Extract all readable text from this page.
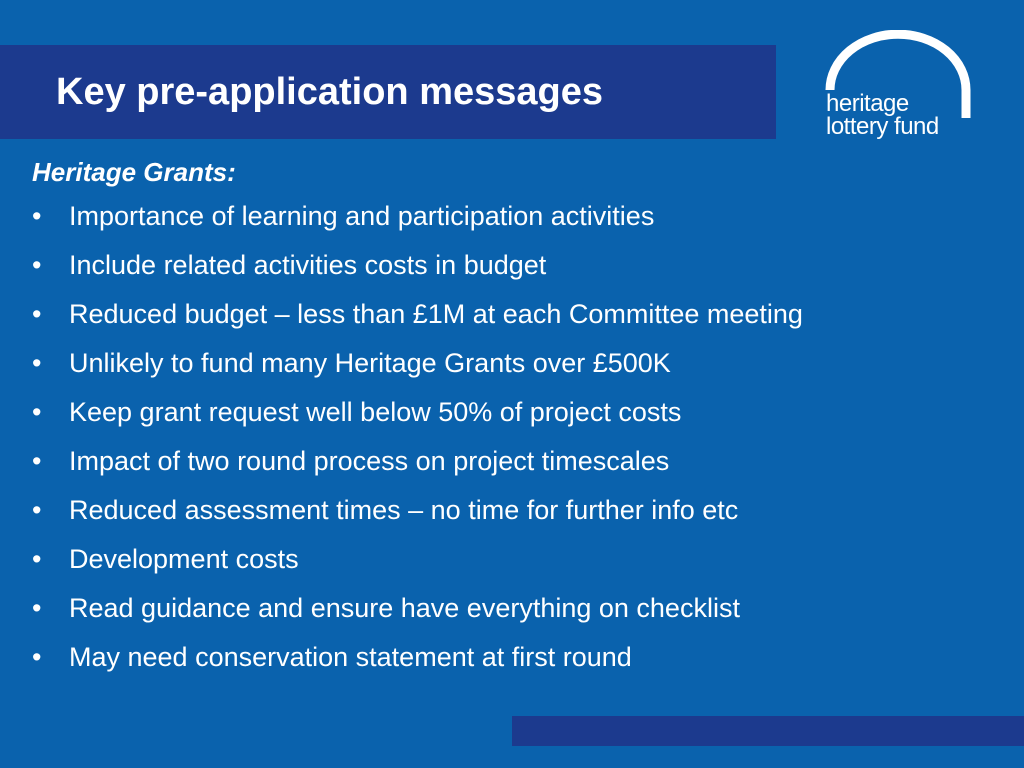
Key pre-application messages	heritage
lottery fund

Heritage Grants:

• Importance of learning and participation activities
• Include related activities costs in budget
• Reduced budget – less than £1M at each Committee meeting
• Unlikely to fund many Heritage Grants over £500K
• Keep grant request well below 50% of project costs
• Impact of two round process on project timescales
• Reduced assessment times – no time for further info etc
• Development costs
• Read guidance and ensure have everything on checklist
• May need conservation statement at first round
